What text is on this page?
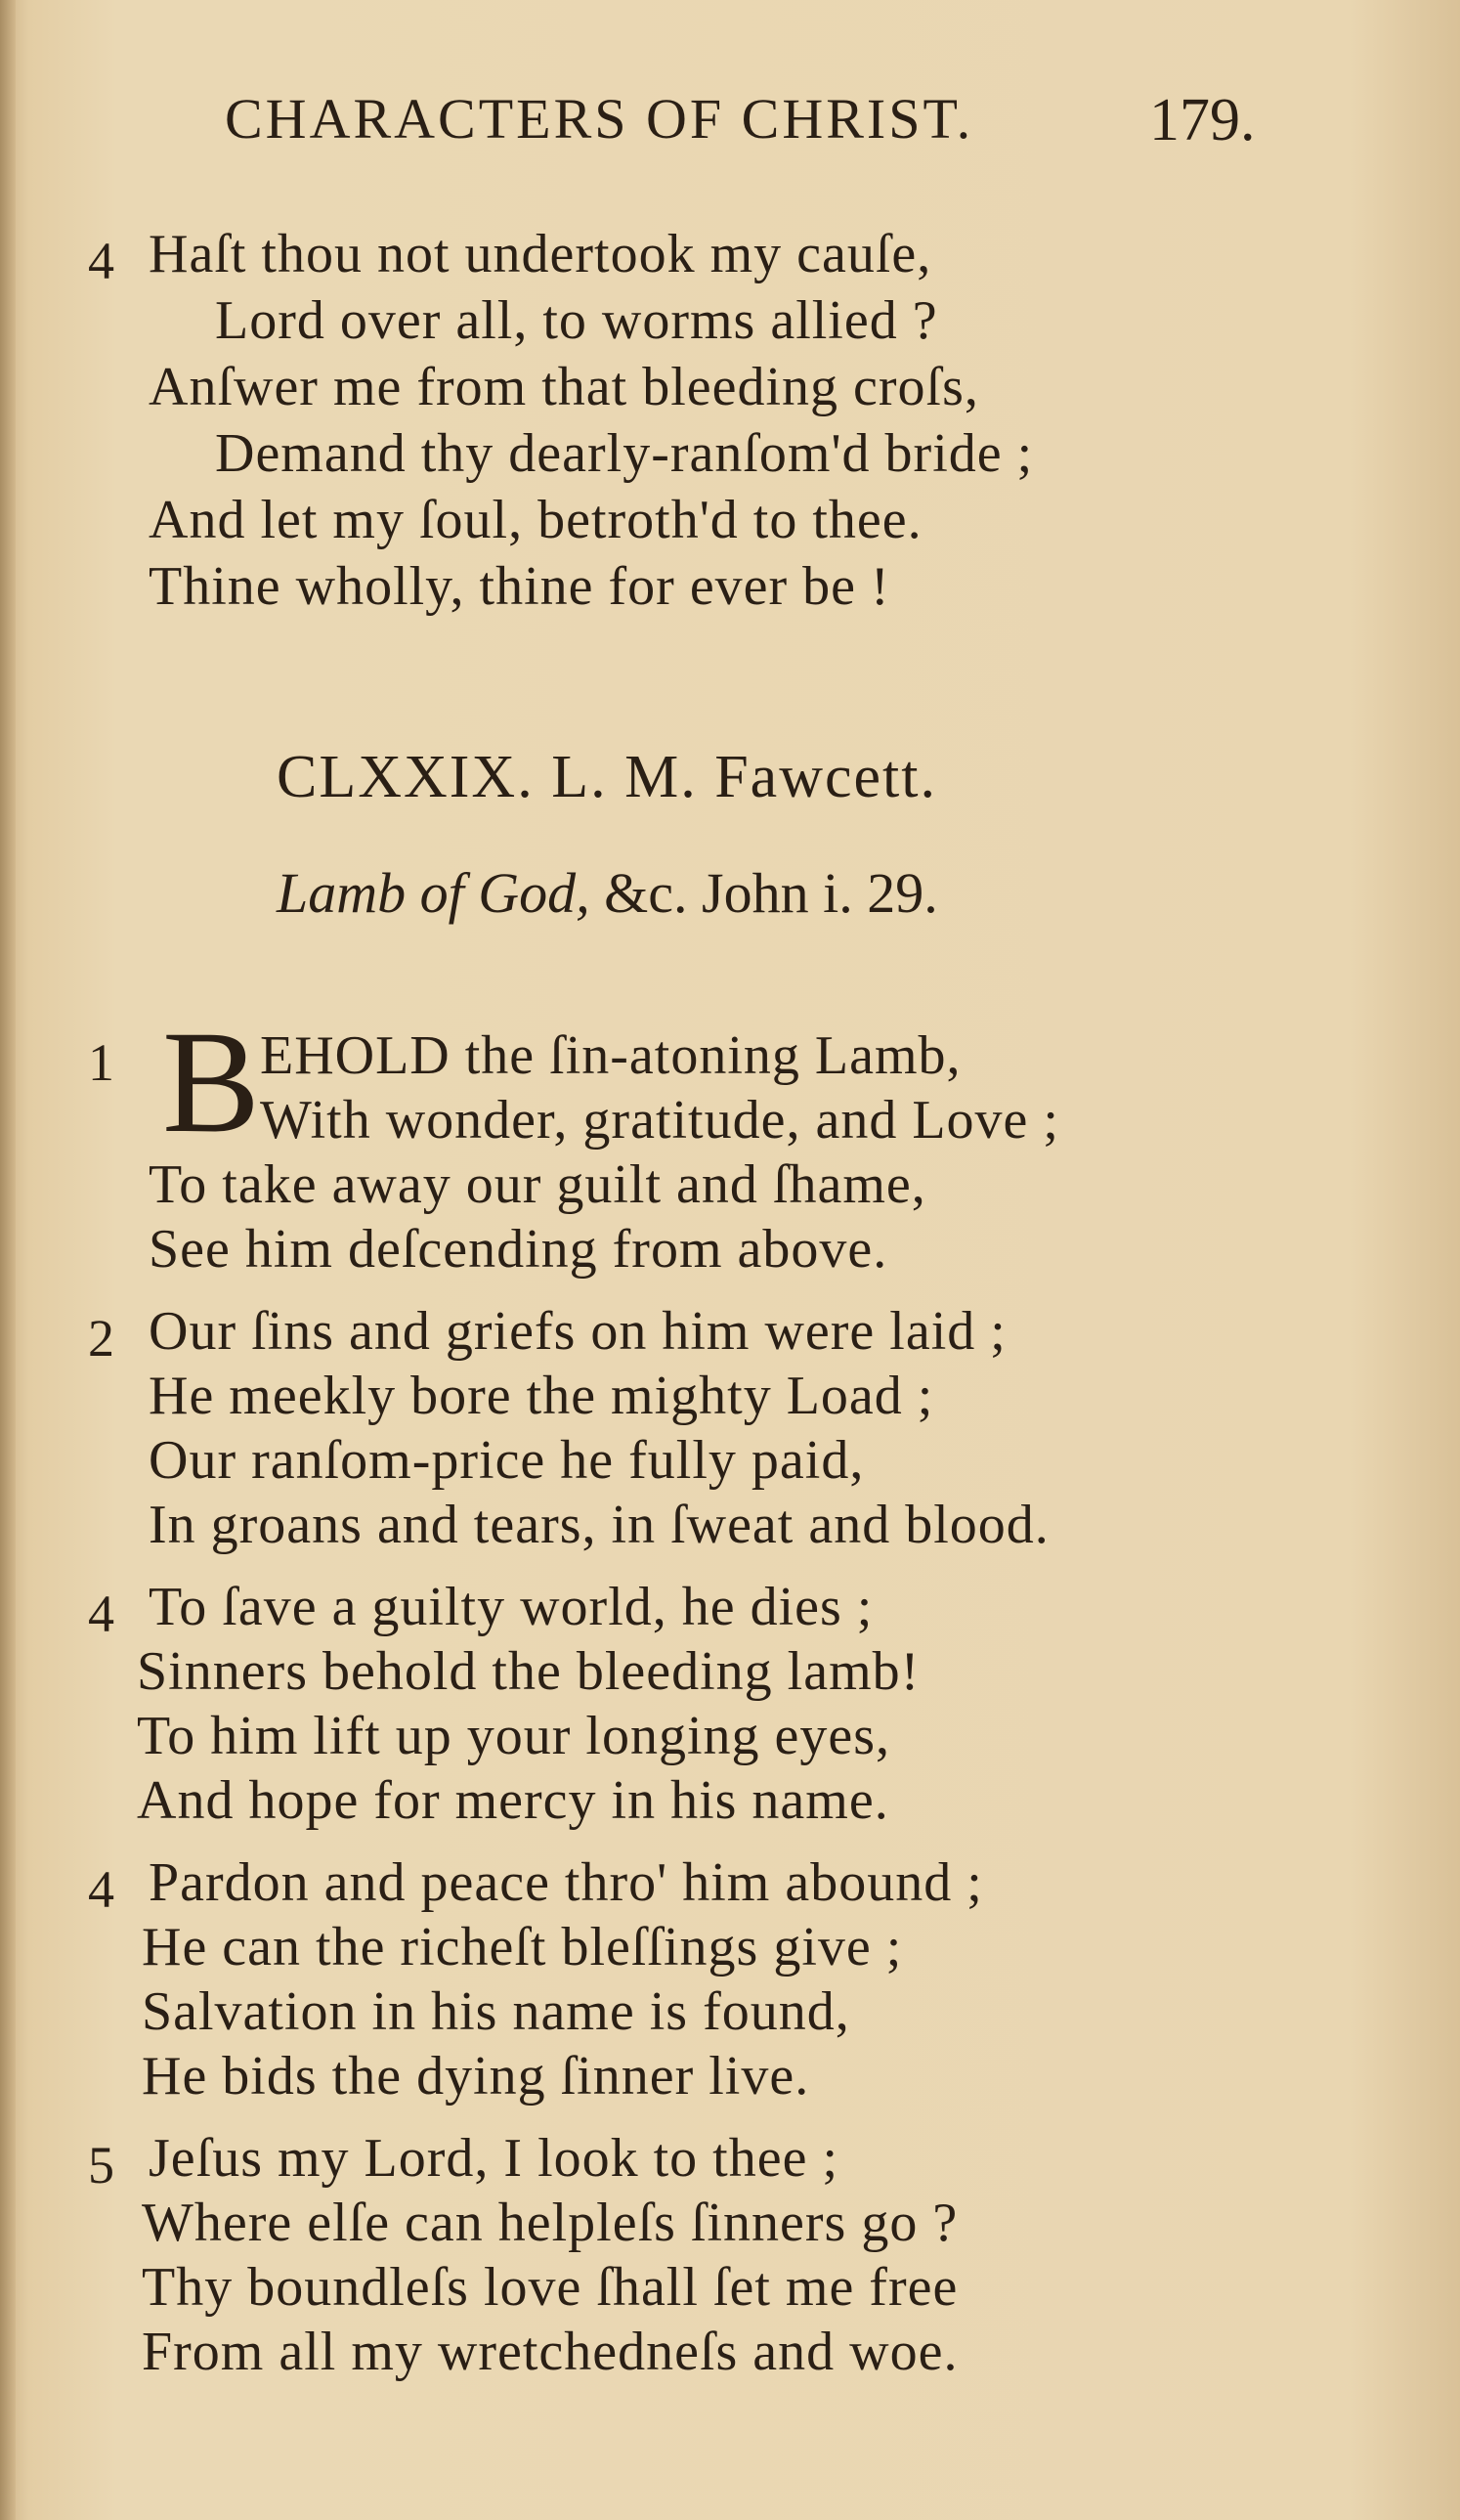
CHARACTERS OF CHRIST.	179.
4 Haſt thou not undertook my cauſe,
Lord over all, to worms allied ?
Anſwer me from that bleeding croſs,
Demand thy dearly-ranſom'd bride ;
And let my ſoul, betroth'd to thee.
Thine wholly, thine for ever be !
CLXXIX. L. M. Fawcett.
Lamb of God, &c. John i. 29.
1 B EHOLD the ſin-atoning Lamb,
With wonder, gratitude, and Love ;
To take away our guilt and ſhame,
See him deſcending from above.
2 Our ſins and griefs on him were laid ;
He meekly bore the mighty Load ;
Our ranſom-price he fully paid,
In groans and tears, in ſweat and blood.
4 To ſave a guilty world, he dies ;
Sinners behold the bleeding lamb!
To him lift up your longing eyes,
And hope for mercy in his name.
4 Pardon and peace thro' him abound ;
He can the richeſt bleſſings give ;
Salvation in his name is found,
He bids the dying ſinner live.
5 Jeſus my Lord, I look to thee ;
Where elſe can helpleſs ſinners go ?
Thy boundleſs love ſhall ſet me free
From all my wretchedneſs and woe.
